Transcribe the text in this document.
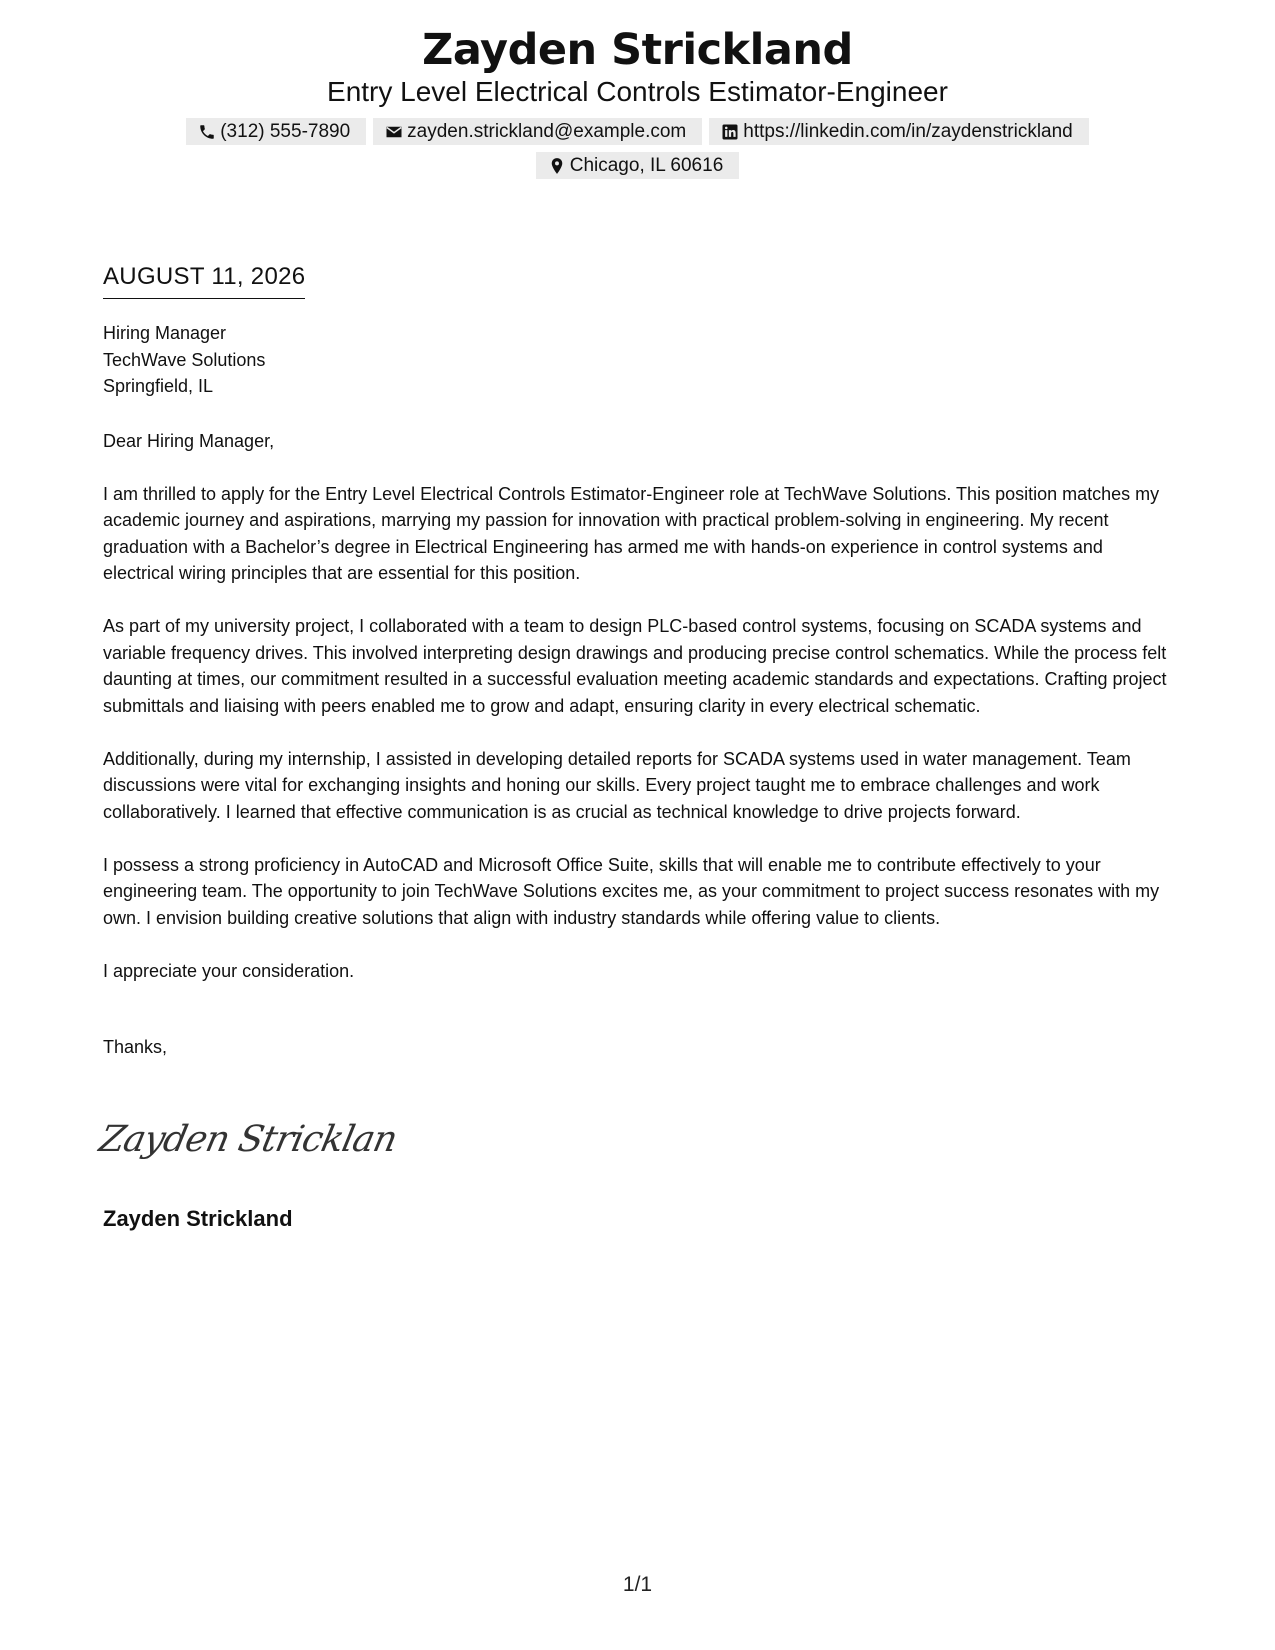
Zayden Strickland
Entry Level Electrical Controls Estimator-Engineer
(312) 555-7890	zayden.strickland@example.com	https://linkedin.com/in/zaydenstrickland
Chicago, IL 60616
AUGUST 11, 2026
Hiring Manager
TechWave Solutions
Springfield, IL

Dear Hiring Manager,

I am thrilled to apply for the Entry Level Electrical Controls Estimator-Engineer role at TechWave Solutions. This position matches my academic journey and aspirations, marrying my passion for innovation with practical problem-solving in engineering. My recent graduation with a Bachelor’s degree in Electrical Engineering has armed me with hands-on experience in control systems and electrical wiring principles that are essential for this position.

As part of my university project, I collaborated with a team to design PLC-based control systems, focusing on SCADA systems and variable frequency drives. This involved interpreting design drawings and producing precise control schematics. While the process felt daunting at times, our commitment resulted in a successful evaluation meeting academic standards and expectations. Crafting project submittals and liaising with peers enabled me to grow and adapt, ensuring clarity in every electrical schematic.

Additionally, during my internship, I assisted in developing detailed reports for SCADA systems used in water management. Team discussions were vital for exchanging insights and honing our skills. Every project taught me to embrace challenges and work collaboratively. I learned that effective communication is as crucial as technical knowledge to drive projects forward.

I possess a strong proficiency in AutoCAD and Microsoft Office Suite, skills that will enable me to contribute effectively to your engineering team. The opportunity to join TechWave Solutions excites me, as your commitment to project success resonates with my own. I envision building creative solutions that align with industry standards while offering value to clients.

I appreciate your consideration.

Thanks,

Zayden Stricklan
Zayden Strickland
1/1
